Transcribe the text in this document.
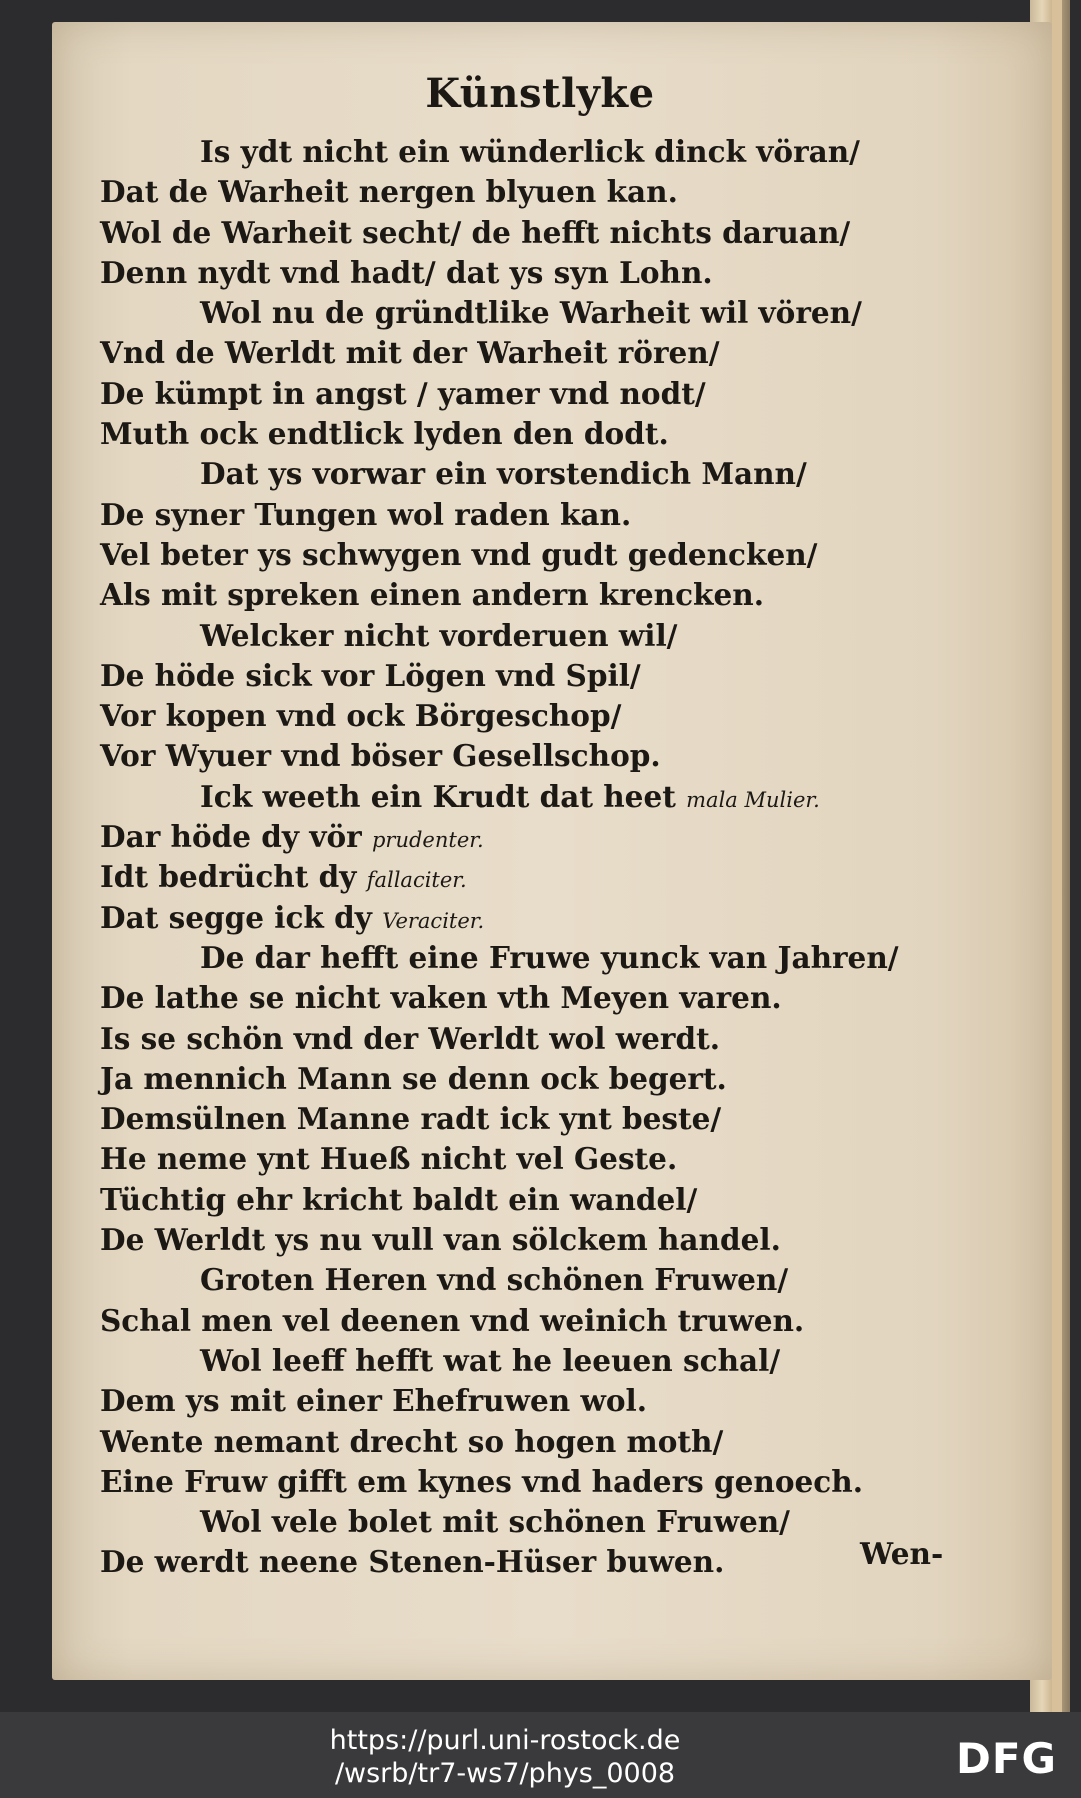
Künstlyke
Is ydt nicht ein wünderlick dinck vöran/
Dat de Warheit nergen blyuen kan.
Wol de Warheit secht/ de hefft nichts daruan/
Denn nydt vnd hadt/ dat ys syn Lohn.
Wol nu de gründtlike Warheit wil vören/
Vnd de Werldt mit der Warheit rören/
De kümpt in angst / yamer vnd nodt/
Muth ock endtlick lyden den dodt.
Dat ys vorwar ein vorstendich Mann/
De syner Tungen wol raden kan.
Vel beter ys schwygen vnd gudt gedencken/
Als mit spreken einen andern krencken.
Welcker nicht vorderuen wil/
De höde sick vor Lögen vnd Spil/
Vor kopen vnd ock Börgeschop/
Vor Wyuer vnd böser Gesellschop.
Ick weeth ein Krudt dat heet mala Mulier.
Dar höde dy vör prudenter.
Idt bedrücht dy fallaciter.
Dat segge ick dy Veraciter.
De dar hefft eine Fruwe yunck van Jahren/
De lathe se nicht vaken vth Meyen varen.
Is se schön vnd der Werldt wol werdt.
Ja mennich Mann se denn ock begert.
Demsülnen Manne radt ick ynt beste/
He neme ynt Hueß nicht vel Geste.
Tüchtig ehr kricht baldt ein wandel/
De Werldt ys nu vull van sölckem handel.
Groten Heren vnd schönen Fruwen/
Schal men vel deenen vnd weinich truwen.
Wol leeff hefft wat he leeuen schal/
Dem ys mit einer Ehefruwen wol.
Wente nemant drecht so hogen moth/
Eine Fruw gifft em kynes vnd haders genoech.
Wol vele bolet mit schönen Fruwen/
De werdt neene Stenen-Hüser buwen.	Wen-
https://purl.uni-rostock.de
/wsrb/tr7-ws7/phys_0008	DFG
